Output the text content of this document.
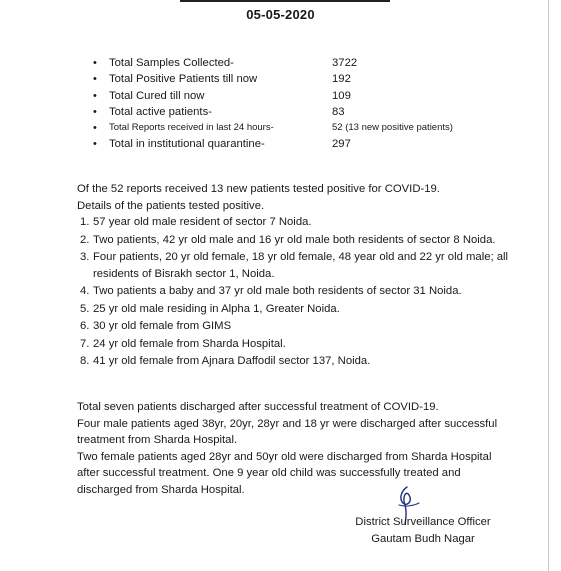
05-05-2020
• Total Samples Collected-	3722
• Total Positive Patients till now	192
• Total Cured till now	109
• Total active patients-	83
• Total Reports received in last 24 hours-	52 (13 new positive patients)
• Total in institutional quarantine-	297

Of the 52 reports received 13 new patients tested positive for COVID-19.

Details of the patients tested positive.

1. 57 year old male resident of sector 7 Noida.
2. Two patients, 42 yr old male and 16 yr old male both residents of sector 8 Noida.
3. Four patients, 20 yr old female, 18 yr old female, 48 year old and 22 yr old male; all residents of Bisrakh sector 1, Noida.
4. Two patients a baby and 37 yr old male both residents of sector 31 Noida.
5. 25 yr old male residing in Alpha 1, Greater Noida.
6. 30 yr old female from GIMS
7. 24 yr old female from Sharda Hospital.
8. 41 yr old female from Ajnara Daffodil sector 137, Noida.

Total seven patients discharged after successful treatment of COVID-19.

Four male patients aged 38yr, 20yr, 28yr and 18 yr were discharged after successful treatment from Sharda Hospital.

Two female patients aged 28yr and 50yr old were discharged from Sharda Hospital after successful treatment. One 9 year old child was successfully treated and discharged from Sharda Hospital.

District Surveillance Officer
Gautam Budh Nagar
